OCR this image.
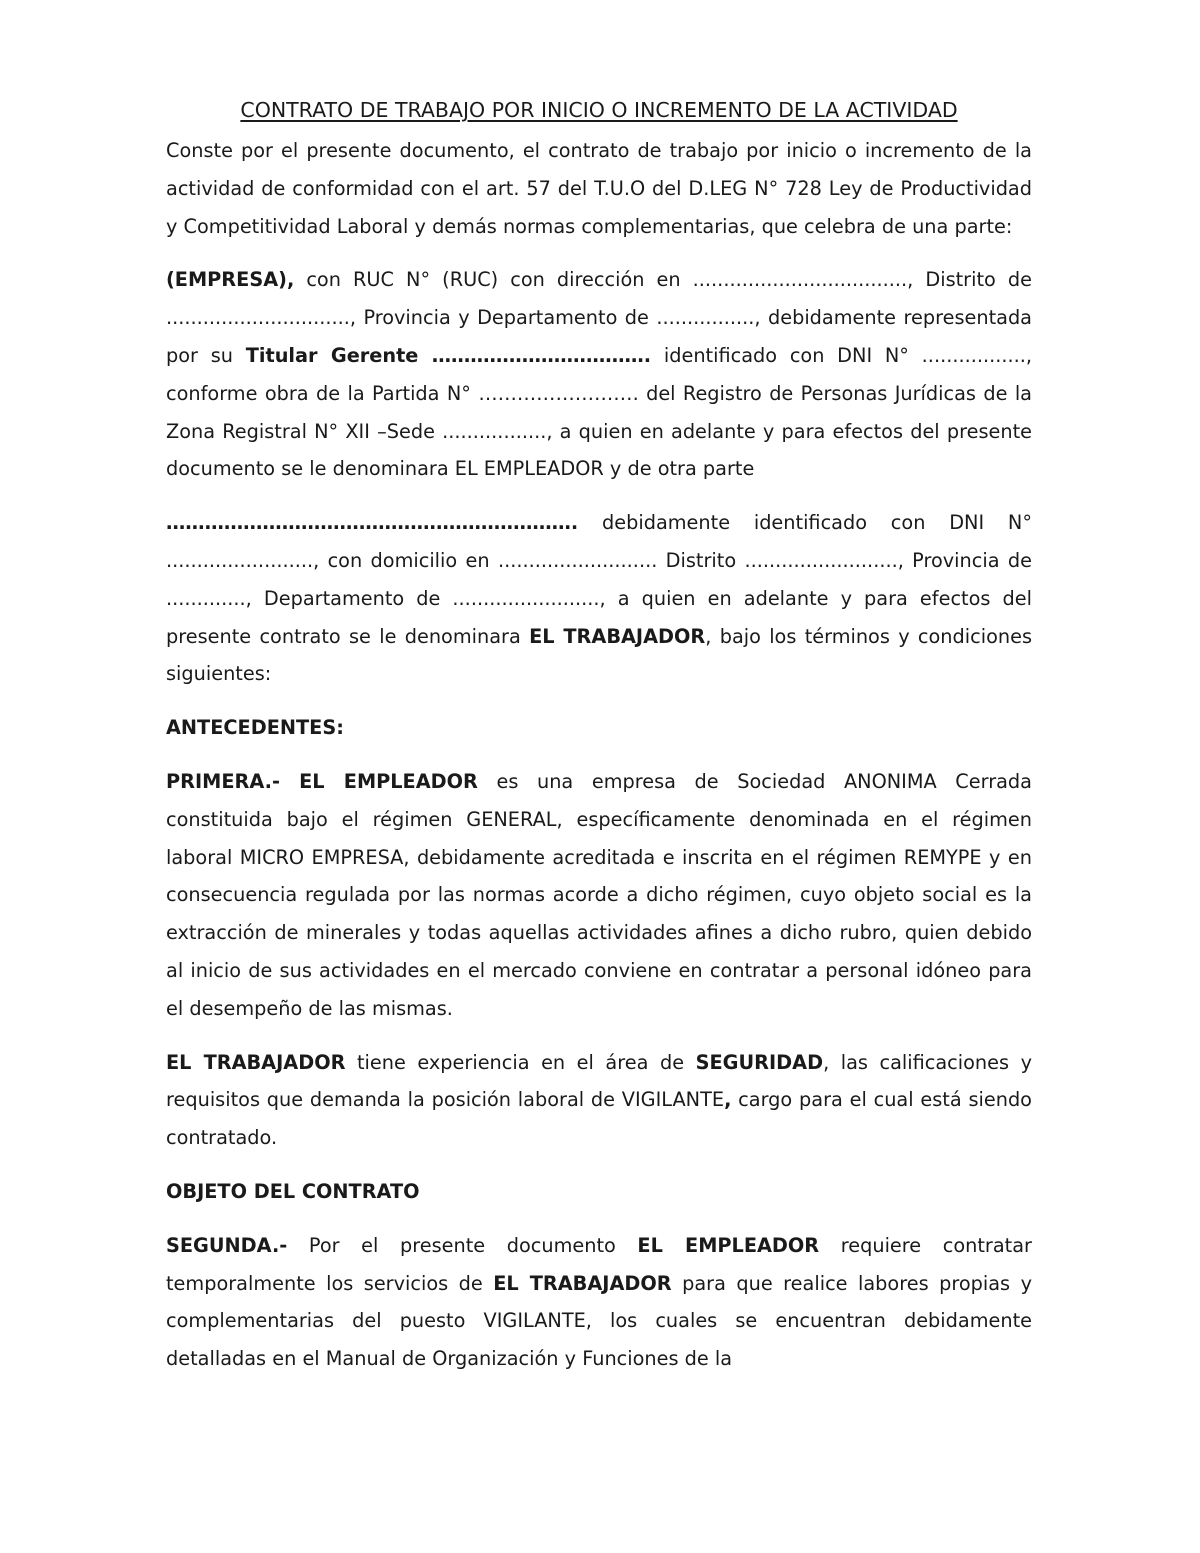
CONTRATO DE TRABAJO POR INICIO O INCREMENTO DE LA ACTIVIDAD

Conste por el presente documento, el contrato de trabajo por inicio o incremento de la actividad de conformidad con el art. 57 del T.U.O del D.LEG N° 728 Ley de Productividad y Competitividad Laboral y demás normas complementarias, que celebra de una parte:

(EMPRESA), con RUC N° (RUC) con dirección en ..................................., Distrito de .............................., Provincia y Departamento de ................, debidamente representada por su Titular Gerente ……………………………. identificado con DNI N° ................., conforme obra de la Partida N° ……………………. del Registro de Personas Jurídicas de la Zona Registral N° XII –Sede ................., a quien en adelante y para efectos del presente documento se le denominara EL EMPLEADOR y de otra parte

………………………………………………………. debidamente identificado con DNI N° ........................, con domicilio en .......................... Distrito ........................., Provincia de ............., Departamento de ........................, a quien en adelante y para efectos del presente contrato se le denominara EL TRABAJADOR, bajo los términos y condiciones siguientes:

ANTECEDENTES:

PRIMERA.- EL EMPLEADOR es una empresa de Sociedad ANONIMA Cerrada constituida bajo el régimen GENERAL, específicamente denominada en el régimen laboral MICRO EMPRESA, debidamente acreditada e inscrita en el régimen REMYPE y en consecuencia regulada por las normas acorde a dicho régimen, cuyo objeto social es la extracción de minerales y todas aquellas actividades afines a dicho rubro, quien debido al inicio de sus actividades en el mercado conviene en contratar a personal idóneo para el desempeño de las mismas.

EL TRABAJADOR tiene experiencia en el área de SEGURIDAD, las calificaciones y requisitos que demanda la posición laboral de VIGILANTE, cargo para el cual está siendo contratado.

OBJETO DEL CONTRATO

SEGUNDA.- Por el presente documento EL EMPLEADOR requiere contratar temporalmente los servicios de EL TRABAJADOR para que realice labores propias y complementarias del puesto VIGILANTE, los cuales se encuentran debidamente detalladas en el Manual de Organización y Funciones de la
